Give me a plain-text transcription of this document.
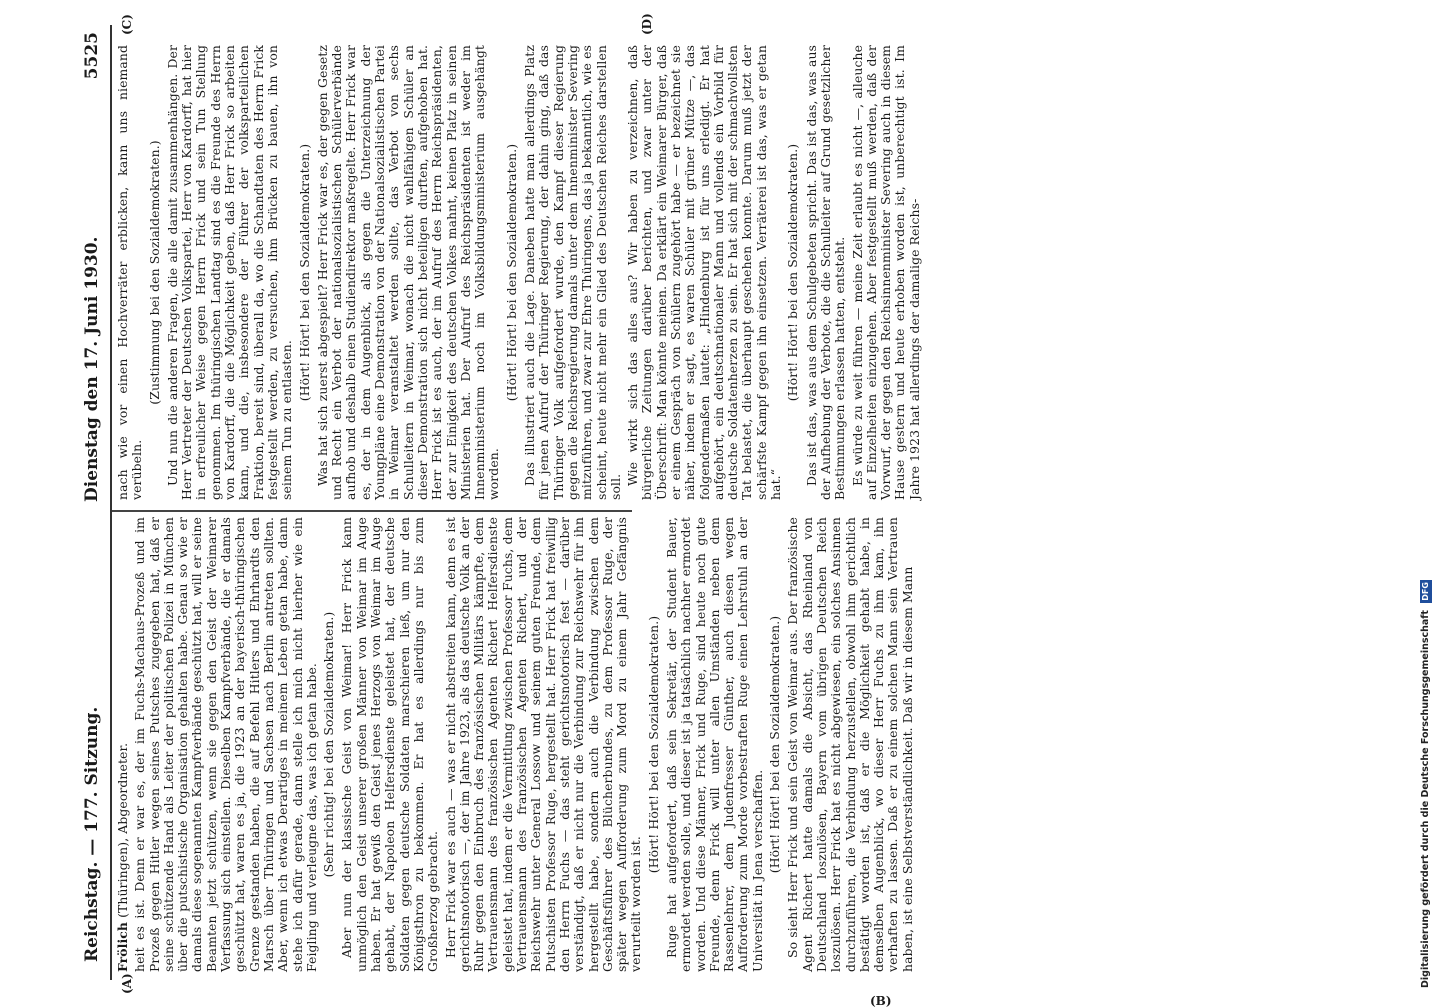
Reichstag. — 177. Sitzung.
Dienstag den 17. Juni 1930.
5525
(A)
(B)
(C)	(D)

Frölich (Thüringen), Abgeordneter. heit es ist. Denn er war es, der im Fuchs-Machaus-Prozeß und im Prozeß gegen Hitler wegen seines Putsches zugegeben hat, daß er seine schützende Hand als Leiter der politischen Polizei in München über die putschistische Organisation gehalten habe. Genau so wie er damals diese sogenannten Kampfverbände geschützt hat, will er seine Beamten jetzt schützen, wenn sie gegen den Geist der Weimarer Verfassung sich einstellen. Dieselben Kampfverbände, die er damals geschützt hat, waren es ja, die 1923 an der bayerisch-thüringischen Grenze gestanden haben, die auf Befehl Hitlers und Ehrhardts den Marsch über Thüringen und Sachsen nach Berlin antreten sollten. Aber, wenn ich etwas Derartiges in meinem Leben getan habe, dann stehe ich dafür gerade, dann stelle ich mich nicht hierher wie ein Feigling und verleugne das, was ich getan habe. (Sehr richtig! bei den Sozialdemokraten.) Aber nun der klassische Geist von Weimar! Herr Frick kann unmöglich den Geist unserer großen Männer von Weimar im Auge haben. Er hat gewiß den Geist jenes Herzogs von Weimar im Auge gehabt, der Napoleon Helfersdienste geleistet hat, der deutsche Soldaten gegen deutsche Soldaten marschieren ließ, um nur den Königsthron zu bekommen. Er hat es allerdings nur bis zum Großherzog gebracht. Herr Frick war es auch — was er nicht abstreiten kann, denn es ist gerichtsnotorisch —, der im Jahre 1923, als das deutsche Volk an der Ruhr gegen den Einbruch des französischen Militärs kämpfte, dem Vertrauensmann des französischen Agenten Richert Helfersdienste geleistet hat, indem er die Vermittlung zwischen Professor Fuchs, dem Vertrauensmann des französischen Agenten Richert, und der Reichswehr unter General Lossow und seinem guten Freunde, dem Putschisten Professor Ruge, hergestellt hat. Herr Frick hat freiwillig den Herrn Fuchs — das steht gerichtsnotorisch fest — darüber verständigt, daß er nicht nur die Verbindung zur Reichswehr für ihn hergestellt habe, sondern auch die Verbindung zwischen dem Geschäftsführer des Blücherbundes, zu dem Professor Ruge, der später wegen Aufforderung zum Mord zu einem Jahr Gefängnis verurteilt worden ist.

(Hört! Hört! bei den Sozialdemokraten.) Ruge hat aufgefordert, daß sein Sekretär, der Student Bauer, ermordet werden solle, und dieser ist ja tatsächlich nachher ermordet worden. Und diese Männer, Frick und Ruge, sind heute noch gute Freunde, denn Frick will unter allen Umständen neben dem Rassenlehrer, dem Judenfresser Günther, auch diesen wegen Aufforderung zum Morde vorbestraften Ruge einen Lehrstuhl an der Universität in Jena verschaffen. (Hört! Hört! bei den Sozialdemokraten.) So sieht Herr Frick und sein Geist von Weimar aus. Der französische Agent Richert hatte damals die Absicht, das Rheinland von Deutschland loszulösen, Bayern vom übrigen Deutschen Reich loszulösen. Herr Frick hat es nicht abgewiesen, ein solches Ansinnen durchzuführen, die Verbindung herzustellen, obwohl ihm gerichtlich bestätigt worden ist, daß er die Möglichkeit gehabt habe, in demselben Augenblick, wo dieser Herr Fuchs zu ihm kam, ihn verhaften zu lassen. Daß er zu einem solchen Mann sein Vertrauen haben, ist eine Selbstverständlichkeit. Daß wir in diesem Mann

nach wie vor einen Hochverräter erblicken, kann uns niemand verübeln.

(Zustimmung bei den Sozialdemokraten.) Und nun die anderen Fragen, die alle damit zusammenhängen. Der Herr Vertreter der Deutschen Volkspartei, Herr von Kardorff, hat hier in erfreulicher Weise gegen Herrn Frick und sein Tun Stellung genommen. Im thüringischen Landtag sind es die Freunde des Herrn von Kardorff, die die Möglichkeit geben, daß Herr Frick so arbeiten kann, und die, insbesondere der Führer der volksparteilichen Fraktion, bereit sind, überall da, wo die Schandtaten des Herrn Frick festgestellt werden, zu versuchen, ihm Brücken zu bauen, ihn von seinem Tun zu entlasten.

(Hört! Hört! bei den Sozialdemokraten.) Was hat sich zuerst abgespielt? Herr Frick war es, der gegen Gesetz und Recht ein Verbot der nationalsozialistischen Schülerverbände aufhob und deshalb einen Studiendirektor maßregelte. Herr Frick war es, der in dem Augenblick, als gegen die Unterzeichnung der Youngpläne eine Demonstration von der Nationalsozialistischen Partei in Weimar veranstaltet werden sollte, das Verbot von sechs Schulleitern in Weimar, wonach die nicht wahlfähigen Schüler an dieser Demonstration sich nicht beteiligen durften, aufgehoben hat. Herr Frick ist es auch, der im Aufruf des Herrn Reichspräsidenten, der zur Einigkeit des deutschen Volkes mahnt, keinen Platz in seinen Ministerien hat. Der Aufruf des Reichspräsidenten ist weder im Innenministerium noch im Volksbildungsministerium ausgehängt worden.

(Hört! Hört! bei den Sozialdemokraten.) Das illustriert auch die Lage. Daneben hatte man allerdings Platz für jenen Aufruf der Thüringer Regierung, der dahin ging, daß das Thüringer Volk aufgefordert wurde, den Kampf dieser Regierung gegen die Reichsregierung damals unter dem Innenminister Severing mitzuführen, und zwar zur Ehre Thüringens, das ja bekanntlich, wie es scheint, heute nicht mehr ein Glied des Deutschen Reiches darstellen soll.

Wie wirkt sich das alles aus? Wir haben zu verzeichnen, daß bürgerliche Zeitungen darüber berichten, und zwar unter der Überschrift: Man könnte meinen. Da erklärt ein Weimarer Bürger, daß er einem Gespräch von Schülern zugehört habe — er bezeichnet sie näher, indem er sagt, es waren Schüler mit grüner Mütze —, das folgendermaßen lautet: „Hindenburg ist für uns erledigt. Er hat aufgehört, ein deutschnationaler Mann und vollends ein Vorbild für deutsche Soldatenherzen zu sein. Er hat sich mit der schmachvollsten Tat belastet, die überhaupt geschehen konnte. Darum muß jetzt der schärfste Kampf gegen ihn einsetzen. Verräterei ist das, was er getan hat.“

(Hört! Hört! bei den Sozialdemokraten.) Das ist das, was aus dem Schulgebeten spricht. Das ist das, was aus der Aufhebung der Verbote, die die Schulleiter auf Grund gesetzlicher Bestimmungen erlassen hatten, entsteht. Es würde zu weit führen — meine Zeit erlaubt es nicht —, alleuche auf Einzelheiten einzugehen. Aber festgestellt muß werden, daß der Vorwurf, der gegen den Reichsinnenminister Severing auch in diesem Hause gestern und heute erhoben worden ist, unberechtigt ist. Im Jahre 1923 hat allerdings der damalige Reichs-

Digitalisierung gefördert durch die Deutsche Forschungsgemeinschaft DFG
